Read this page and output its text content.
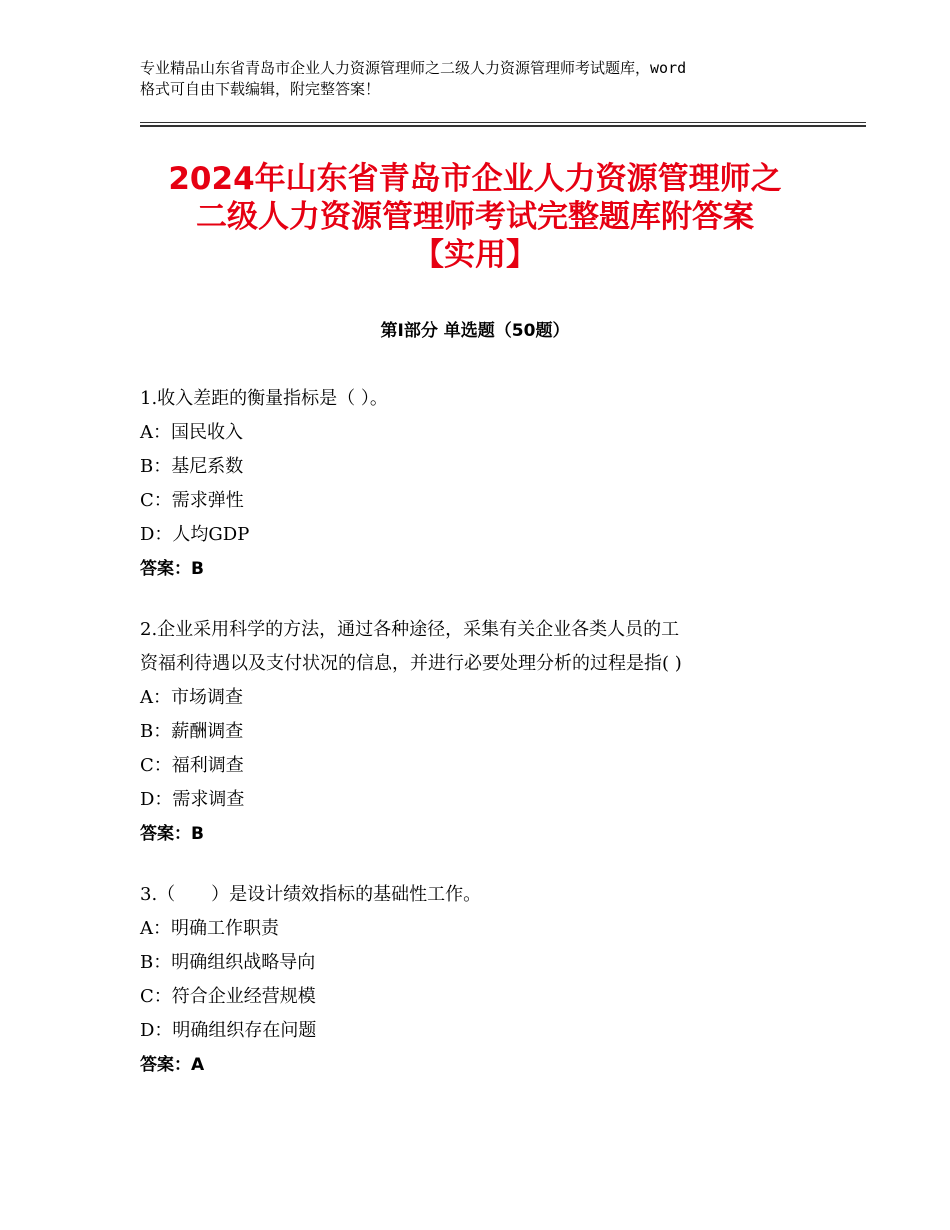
专业精品山东省青岛市企业人力资源管理师之二级人力资源管理师考试题库，word
格式可自由下载编辑，附完整答案！
2024年山东省青岛市企业人力资源管理师之
二级人力资源管理师考试完整题库附答案
【实用】
第Ⅰ部分 单选题（50题）
1.收入差距的衡量指标是（ ）。
A：国民收入
B：基尼系数
C：需求弹性
D：人均GDP
答案：B
2.企业采用科学的方法，通过各种途径，采集有关企业各类人员的工
资福利待遇以及支付状况的信息，并进行必要处理分析的过程是指( )
A：市场调查
B：薪酬调查
C：福利调查
D：需求调查
答案：B
3.（　　）是设计绩效指标的基础性工作。
A：明确工作职责
B：明确组织战略导向
C：符合企业经营规模
D：明确组织存在问题
答案：A
